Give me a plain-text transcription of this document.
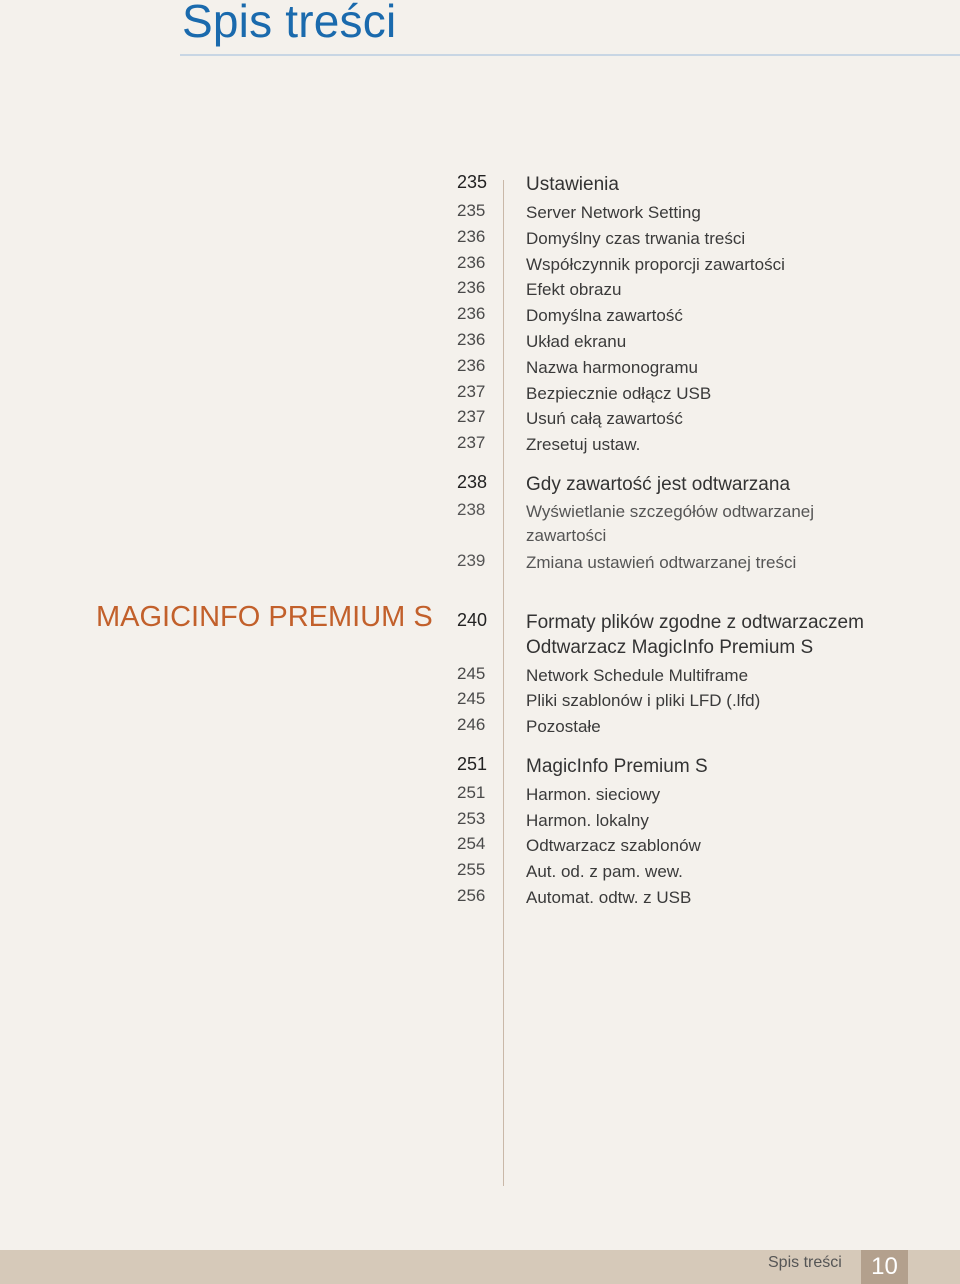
Spis treści
MAGICINFO PREMIUM S
235	Ustawienia
235	Server Network Setting
236	Domyślny czas trwania treści
236	Współczynnik proporcji zawartości
236	Efekt obrazu
236	Domyślna zawartość
236	Układ ekranu
236	Nazwa harmonogramu
237	Bezpiecznie odłącz USB
237	Usuń całą zawartość
237	Zresetuj ustaw.
238	Gdy zawartość jest odtwarzana
238	Wyświetlanie szczegółów odtwarzanej zawartości
239	Zmiana ustawień odtwarzanej treści
240	Formaty plików zgodne z odtwarzaczem Odtwarzacz MagicInfo Premium S
245	Network Schedule Multiframe
245	Pliki szablonów i pliki LFD (.lfd)
246	Pozostałe
251	MagicInfo Premium S
251	Harmon. sieciowy
253	Harmon. lokalny
254	Odtwarzacz szablonów
255	Aut. od. z pam. wew.
256	Automat. odtw. z USB
Spis treści	10
